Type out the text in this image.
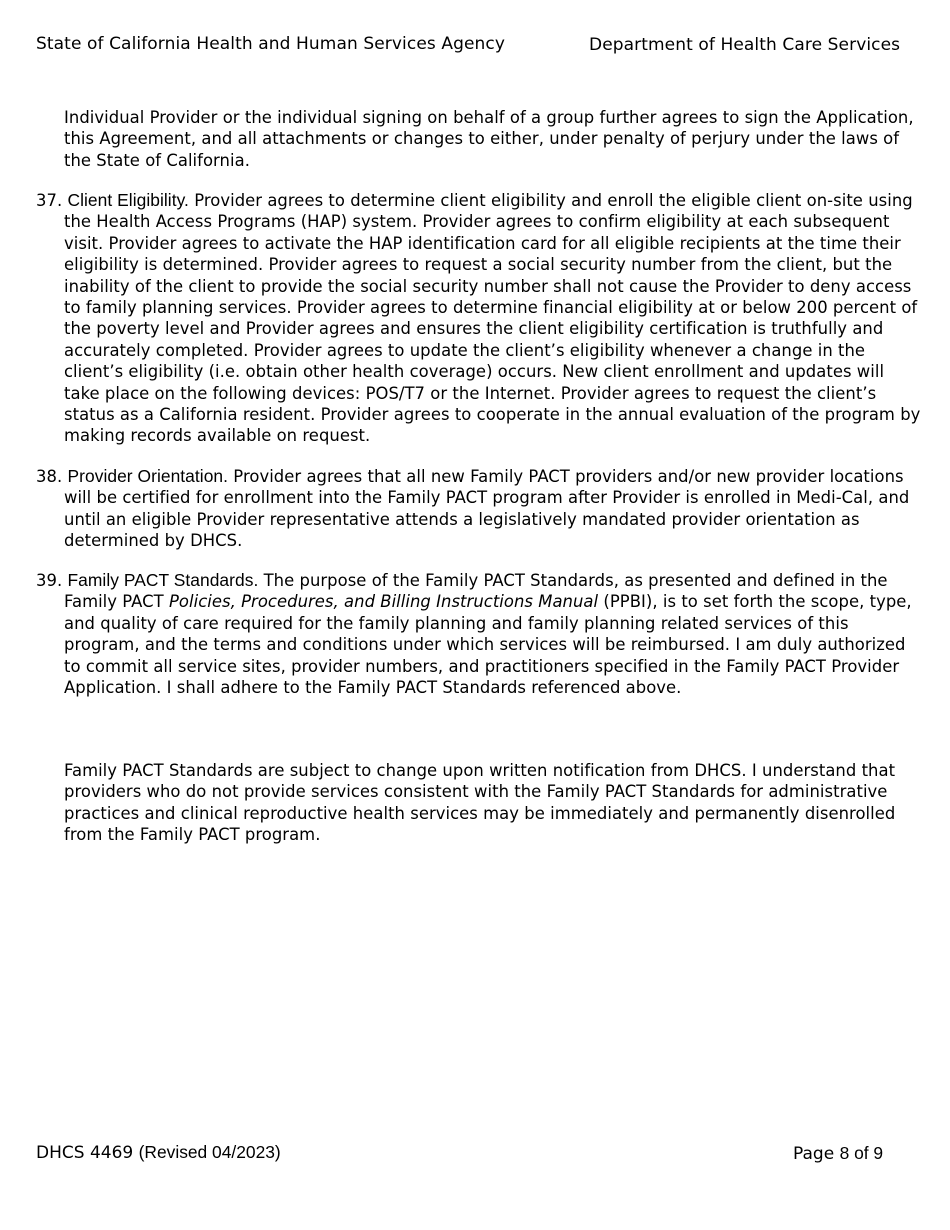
State of California Health and Human Services Agency	Department of Health Care Services
Individual Provider or the individual signing on behalf of a group further agrees to sign the Application, this Agreement, and all attachments or changes to either, under penalty of perjury under the laws of the State of California.
37. Client Eligibility. Provider agrees to determine client eligibility and enroll the eligible client on-site using the Health Access Programs (HAP) system. Provider agrees to confirm eligibility at each subsequent visit. Provider agrees to activate the HAP identification card for all eligible recipients at the time their eligibility is determined. Provider agrees to request a social security number from the client, but the inability of the client to provide the social security number shall not cause the Provider to deny access to family planning services. Provider agrees to determine financial eligibility at or below 200 percent of the poverty level and Provider agrees and ensures the client eligibility certification is truthfully and accurately completed. Provider agrees to update the client’s eligibility whenever a change in the client’s eligibility (i.e. obtain other health coverage) occurs. New client enrollment and updates will take place on the following devices: POS/T7 or the Internet. Provider agrees to request the client’s status as a California resident. Provider agrees to cooperate in the annual evaluation of the program by making records available on request.
38. Provider Orientation. Provider agrees that all new Family PACT providers and/or new provider locations will be certified for enrollment into the Family PACT program after Provider is enrolled in Medi-Cal, and until an eligible Provider representative attends a legislatively mandated provider orientation as determined by DHCS.
39. Family PACT Standards. The purpose of the Family PACT Standards, as presented and defined in the Family PACT Policies, Procedures, and Billing Instructions Manual (PPBI), is to set forth the scope, type, and quality of care required for the family planning and family planning related services of this program, and the terms and conditions under which services will be reimbursed. I am duly authorized to commit all service sites, provider numbers, and practitioners specified in the Family PACT Provider Application. I shall adhere to the Family PACT Standards referenced above.
Family PACT Standards are subject to change upon written notification from DHCS. I understand that providers who do not provide services consistent with the Family PACT Standards for administrative practices and clinical reproductive health services may be immediately and permanently disenrolled from the Family PACT program.
DHCS 4469 (Revised 04/2023)	Page 8 of 9
